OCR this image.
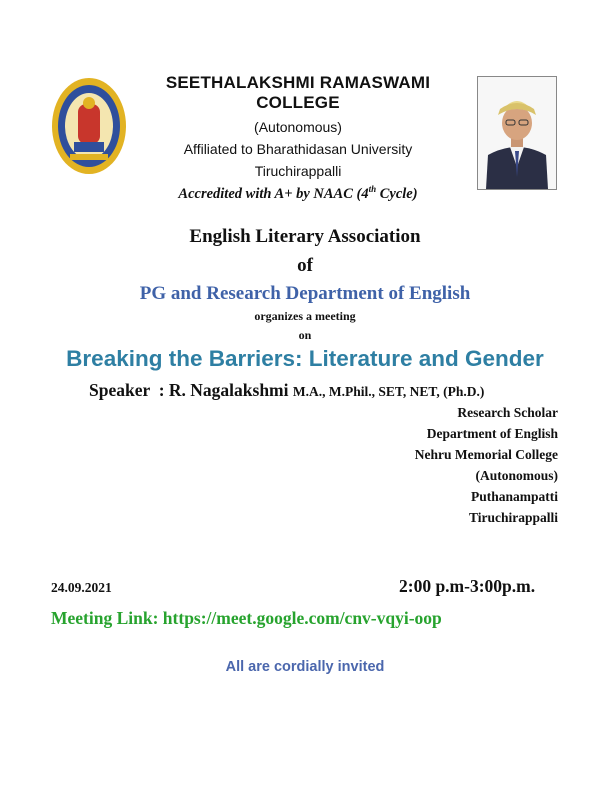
SEETHALAKSHMI RAMASWAMI COLLEGE
(Autonomous)
Affiliated to Bharathidasan University
Tiruchirappalli
Accredited with A+ by NAAC (4th Cycle)
English Literary Association
of
PG and Research Department of English
organizes a meeting
on
Breaking the Barriers: Literature and Gender
Speaker : R. Nagalakshmi M.A., M.Phil., SET, NET, (Ph.D.)
Research Scholar
Department of English
Nehru Memorial College
(Autonomous)
Puthanampatti
Tiruchirappalli
24.09.2021	2:00 p.m-3:00p.m.
Meeting Link: https://meet.google.com/cnv-vqyi-oop
All are cordially invited
